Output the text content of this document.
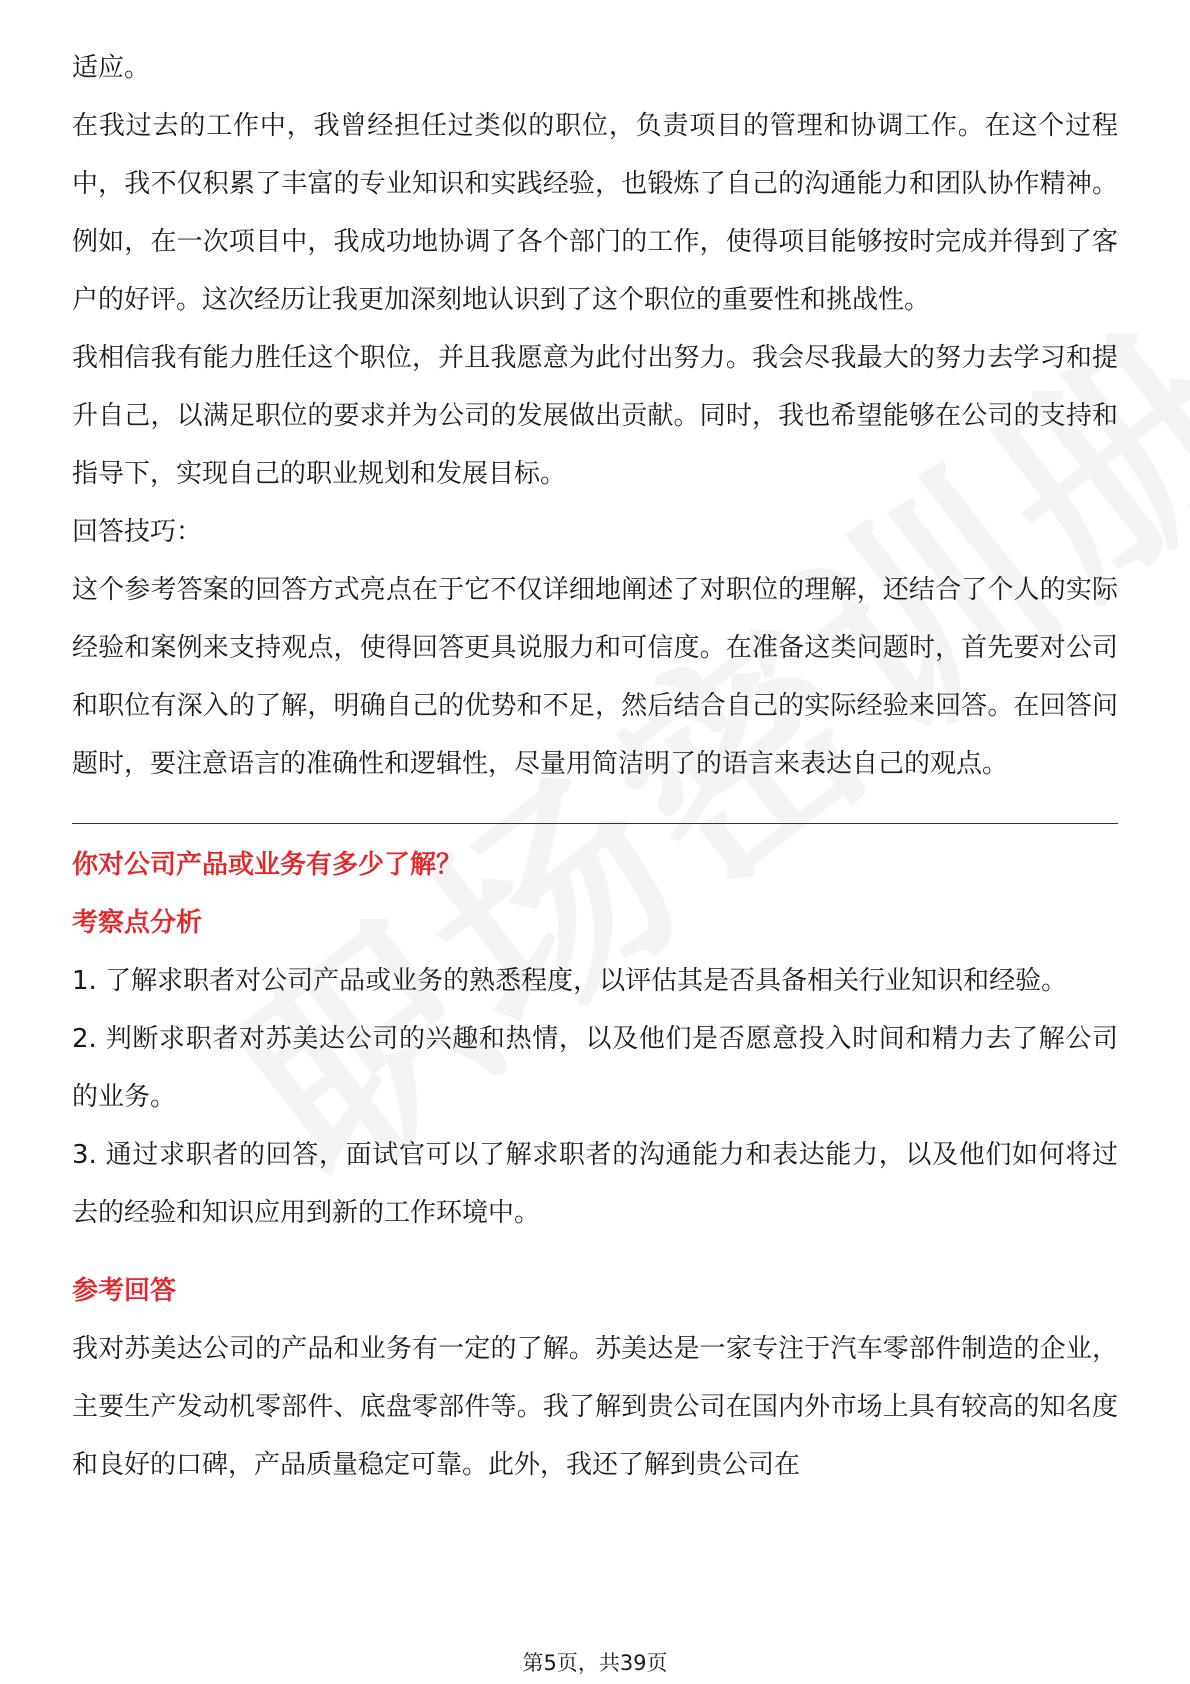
适应。

在我过去的工作中，我曾经担任过类似的职位，负责项目的管理和协调工作。在这个过程中，我不仅积累了丰富的专业知识和实践经验，也锻炼了自己的沟通能力和团队协作精神。例如，在一次项目中，我成功地协调了各个部门的工作，使得项目能够按时完成并得到了客户的好评。这次经历让我更加深刻地认识到了这个职位的重要性和挑战性。

我相信我有能力胜任这个职位，并且我愿意为此付出努力。我会尽我最大的努力去学习和提升自己，以满足职位的要求并为公司的发展做出贡献。同时，我也希望能够在公司的支持和指导下，实现自己的职业规划和发展目标。

回答技巧：

这个参考答案的回答方式亮点在于它不仅详细地阐述了对职位的理解，还结合了个人的实际经验和案例来支持观点，使得回答更具说服力和可信度。在准备这类问题时，首先要对公司和职位有深入的了解，明确自己的优势和不足，然后结合自己的实际经验来回答。在回答问题时，要注意语言的准确性和逻辑性，尽量用简洁明了的语言来表达自己的观点。

你对公司产品或业务有多少了解？

考察点分析

1. 了解求职者对公司产品或业务的熟悉程度，以评估其是否具备相关行业知识和经验。

2. 判断求职者对苏美达公司的兴趣和热情，以及他们是否愿意投入时间和精力去了解公司的业务。

3. 通过求职者的回答，面试官可以了解求职者的沟通能力和表达能力，以及他们如何将过去的经验和知识应用到新的工作环境中。

参考回答

我对苏美达公司的产品和业务有一定的了解。苏美达是一家专注于汽车零部件制造的企业，主要生产发动机零部件、底盘零部件等。我了解到贵公司在国内外市场上具有较高的知名度和良好的口碑，产品质量稳定可靠。此外，我还了解到贵公司在

第5页，共39页
